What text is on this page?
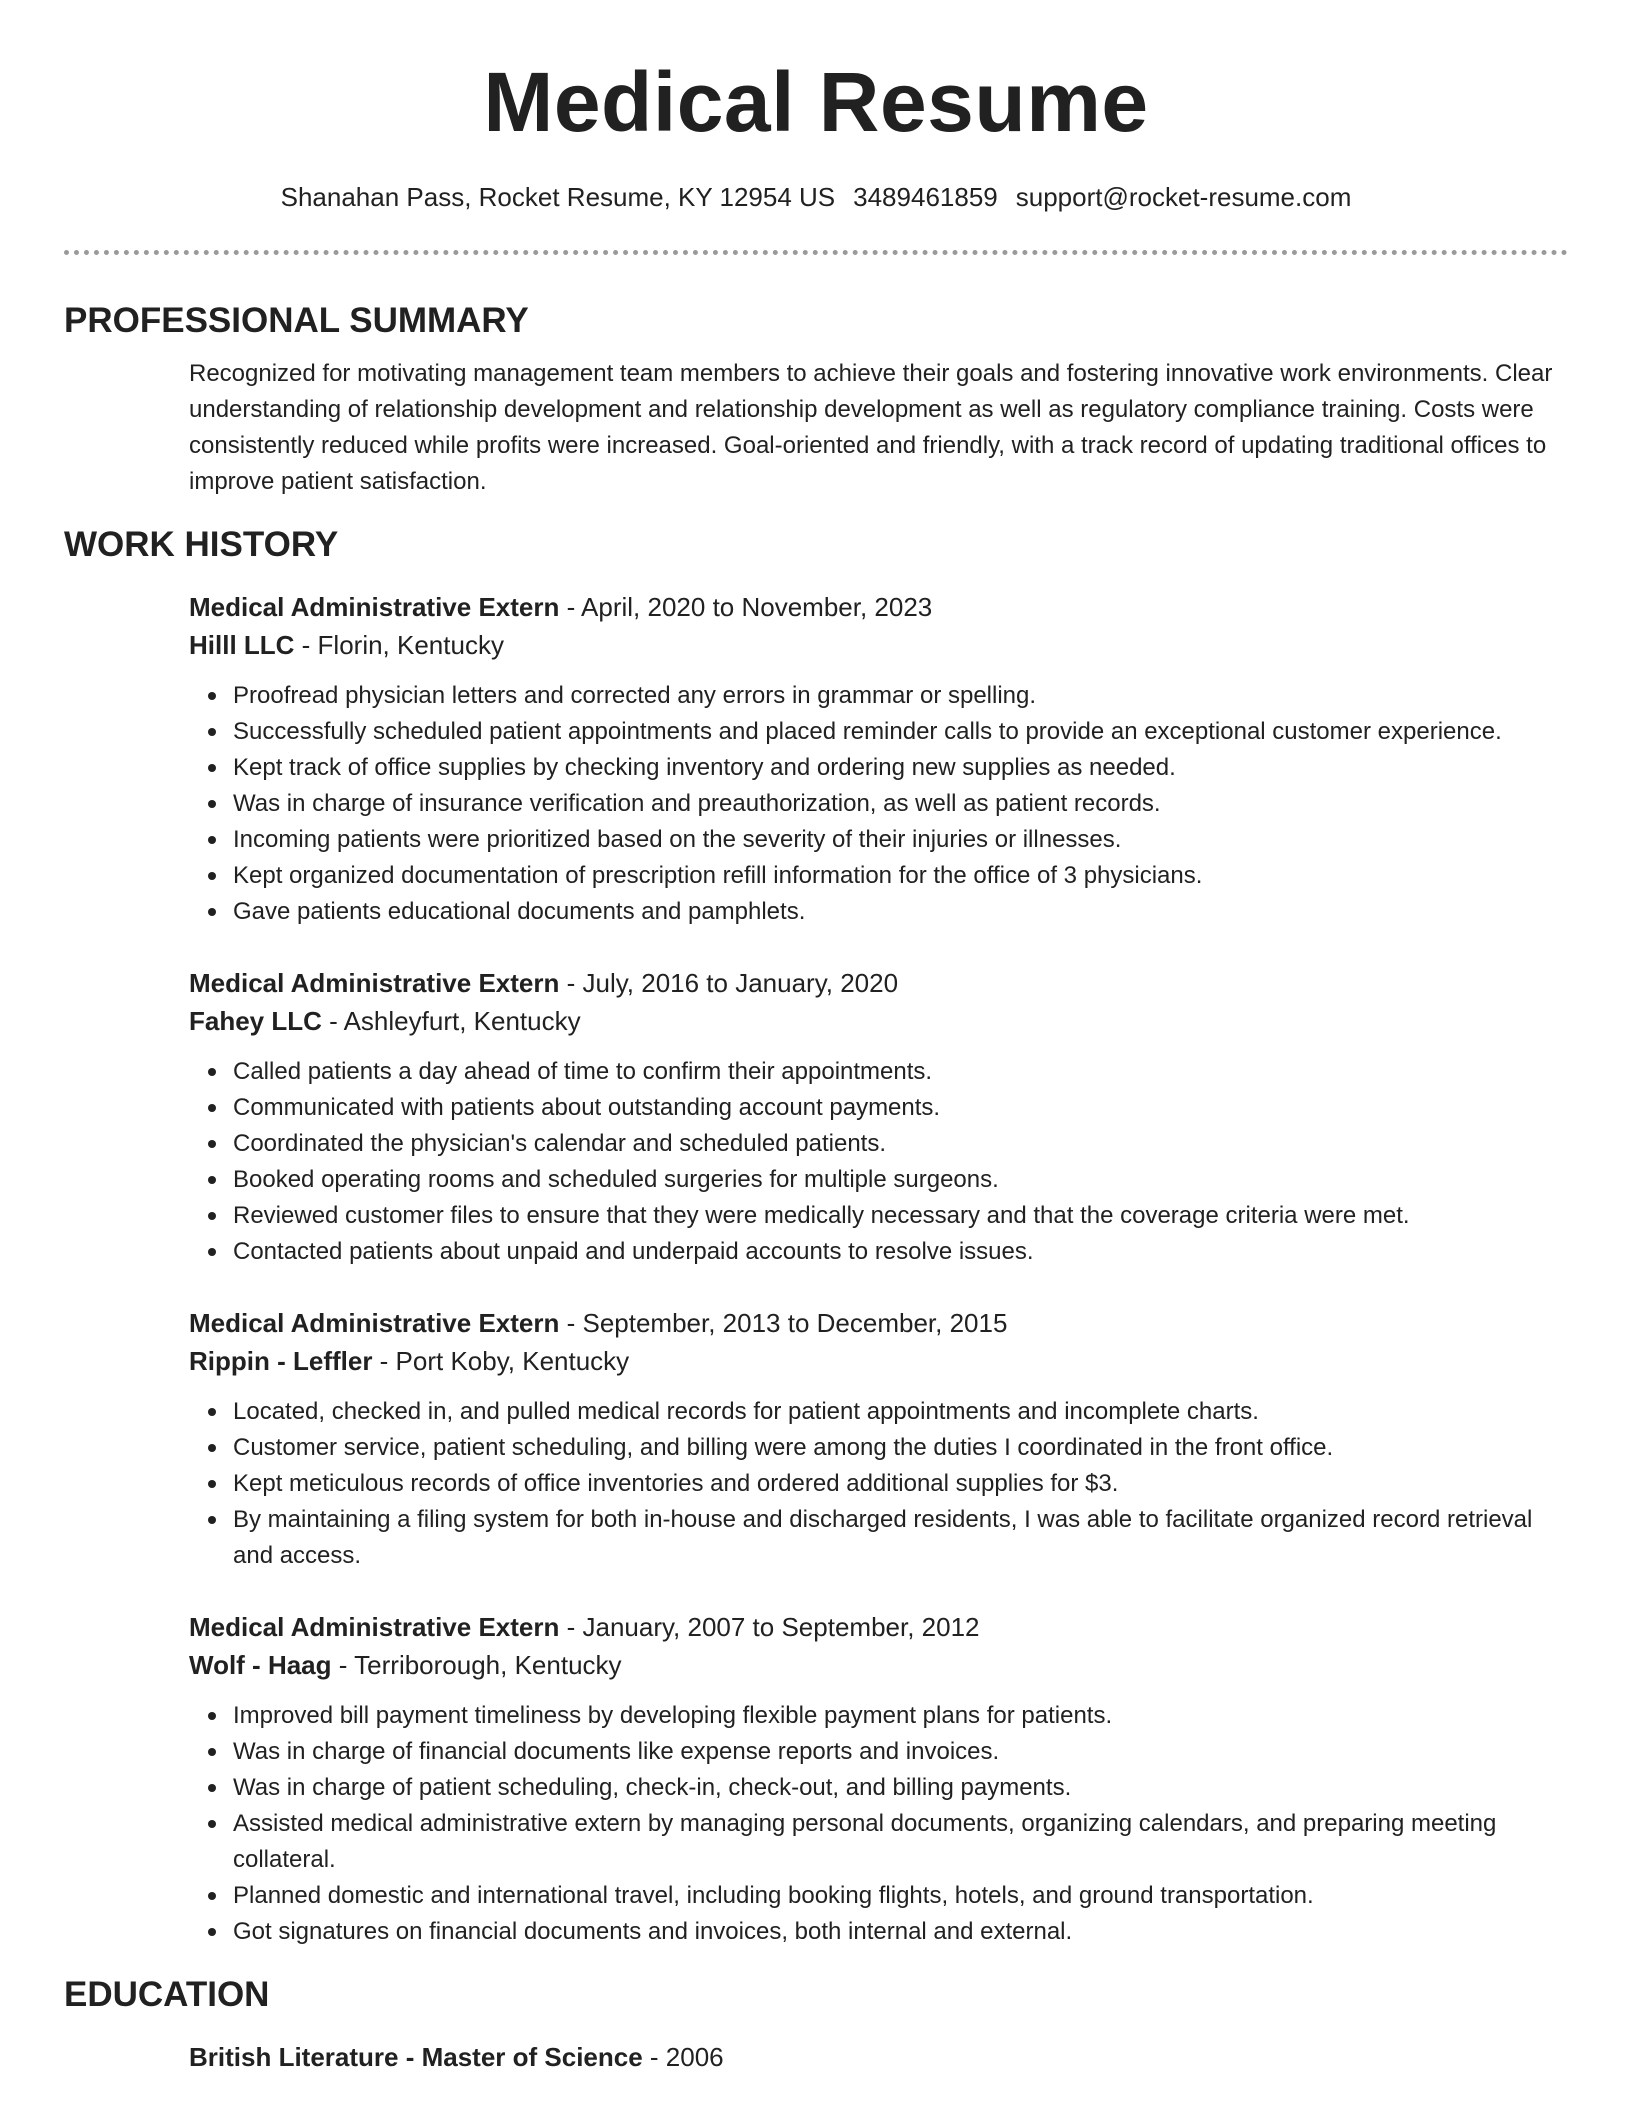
Medical Resume
Shanahan Pass, Rocket Resume, KY 12954 US 3489461859 support@rocket-resume.com
PROFESSIONAL SUMMARY

Recognized for motivating management team members to achieve their goals and fostering innovative work environments. Clear understanding of relationship development and relationship development as well as regulatory compliance training. Costs were consistently reduced while profits were increased. Goal-oriented and friendly, with a track record of updating traditional offices to improve patient satisfaction.

WORK HISTORY
Medical Administrative Extern - April, 2020 to November, 2023
Hilll LLC - Florin, Kentucky
Proofread physician letters and corrected any errors in grammar or spelling.
Successfully scheduled patient appointments and placed reminder calls to provide an exceptional customer experience.
Kept track of office supplies by checking inventory and ordering new supplies as needed.
Was in charge of insurance verification and preauthorization, as well as patient records.
Incoming patients were prioritized based on the severity of their injuries or illnesses.
Kept organized documentation of prescription refill information for the office of 3 physicians.
Gave patients educational documents and pamphlets.
Medical Administrative Extern - July, 2016 to January, 2020
Fahey LLC - Ashleyfurt, Kentucky
Called patients a day ahead of time to confirm their appointments.
Communicated with patients about outstanding account payments.
Coordinated the physician's calendar and scheduled patients.
Booked operating rooms and scheduled surgeries for multiple surgeons.
Reviewed customer files to ensure that they were medically necessary and that the coverage criteria were met.
Contacted patients about unpaid and underpaid accounts to resolve issues.
Medical Administrative Extern - September, 2013 to December, 2015
Rippin - Leffler - Port Koby, Kentucky
Located, checked in, and pulled medical records for patient appointments and incomplete charts.
Customer service, patient scheduling, and billing were among the duties I coordinated in the front office.
Kept meticulous records of office inventories and ordered additional supplies for $3.
By maintaining a filing system for both in-house and discharged residents, I was able to facilitate organized record retrieval and access.
Medical Administrative Extern - January, 2007 to September, 2012
Wolf - Haag - Terriborough, Kentucky
Improved bill payment timeliness by developing flexible payment plans for patients.
Was in charge of financial documents like expense reports and invoices.
Was in charge of patient scheduling, check-in, check-out, and billing payments.
Assisted medical administrative extern by managing personal documents, organizing calendars, and preparing meeting collateral.
Planned domestic and international travel, including booking flights, hotels, and ground transportation.
Got signatures on financial documents and invoices, both internal and external.
EDUCATION
British Literature - Master of Science - 2006
